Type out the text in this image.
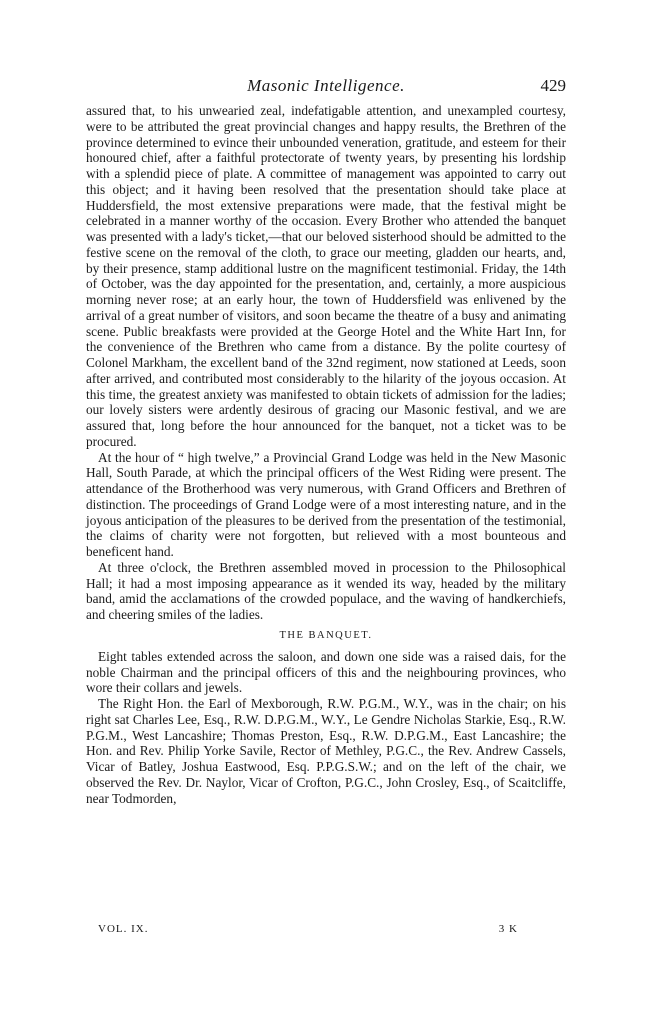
Masonic Intelligence.	429

assured that, to his unwearied zeal, indefatigable attention, and unexampled courtesy, were to be attributed the great provincial changes and happy results, the Brethren of the province determined to evince their unbounded veneration, gratitude, and esteem for their honoured chief, after a faithful protectorate of twenty years, by presenting his lordship with a splendid piece of plate. A committee of management was appointed to carry out this object; and it having been resolved that the presentation should take place at Huddersfield, the most extensive preparations were made, that the festival might be celebrated in a manner worthy of the occasion. Every Brother who attended the banquet was presented with a lady's ticket,—that our beloved sisterhood should be admitted to the festive scene on the removal of the cloth, to grace our meeting, gladden our hearts, and, by their presence, stamp additional lustre on the magnificent testimonial. Friday, the 14th of October, was the day appointed for the presentation, and, certainly, a more auspicious morning never rose; at an early hour, the town of Huddersfield was enlivened by the arrival of a great number of visitors, and soon became the theatre of a busy and animating scene. Public breakfasts were provided at the George Hotel and the White Hart Inn, for the convenience of the Brethren who came from a distance. By the polite courtesy of Colonel Markham, the excellent band of the 32nd regiment, now stationed at Leeds, soon after arrived, and contributed most considerably to the hilarity of the joyous occasion. At this time, the greatest anxiety was manifested to obtain tickets of admission for the ladies; our lovely sisters were ardently desirous of gracing our Masonic festival, and we are assured that, long before the hour announced for the banquet, not a ticket was to be procured.

At the hour of “ high twelve,” a Provincial Grand Lodge was held in the New Masonic Hall, South Parade, at which the principal officers of the West Riding were present. The attendance of the Brotherhood was very numerous, with Grand Officers and Brethren of distinction. The proceedings of Grand Lodge were of a most interesting nature, and in the joyous anticipation of the pleasures to be derived from the presentation of the testimonial, the claims of charity were not forgotten, but relieved with a most bounteous and beneficent hand.

At three o'clock, the Brethren assembled moved in procession to the Philosophical Hall; it had a most imposing appearance as it wended its way, headed by the military band, amid the acclamations of the crowded populace, and the waving of handkerchiefs, and cheering smiles of the ladies.

THE BANQUET.

Eight tables extended across the saloon, and down one side was a raised dais, for the noble Chairman and the principal officers of this and the neighbouring provinces, who wore their collars and jewels.

The Right Hon. the Earl of Mexborough, R.W. P.G.M., W.Y., was in the chair; on his right sat Charles Lee, Esq., R.W. D.P.G.M., W.Y., Le Gendre Nicholas Starkie, Esq., R.W. P.G.M., West Lancashire; Thomas Preston, Esq., R.W. D.P.G.M., East Lancashire; the Hon. and Rev. Philip Yorke Savile, Rector of Methley, P.G.C., the Rev. Andrew Cassels, Vicar of Batley, Joshua Eastwood, Esq. P.P.G.S.W.; and on the left of the chair, we observed the Rev. Dr. Naylor, Vicar of Crofton, P.G.C., John Crosley, Esq., of Scaitcliffe, near Todmorden,

VOL. IX.	3 K
